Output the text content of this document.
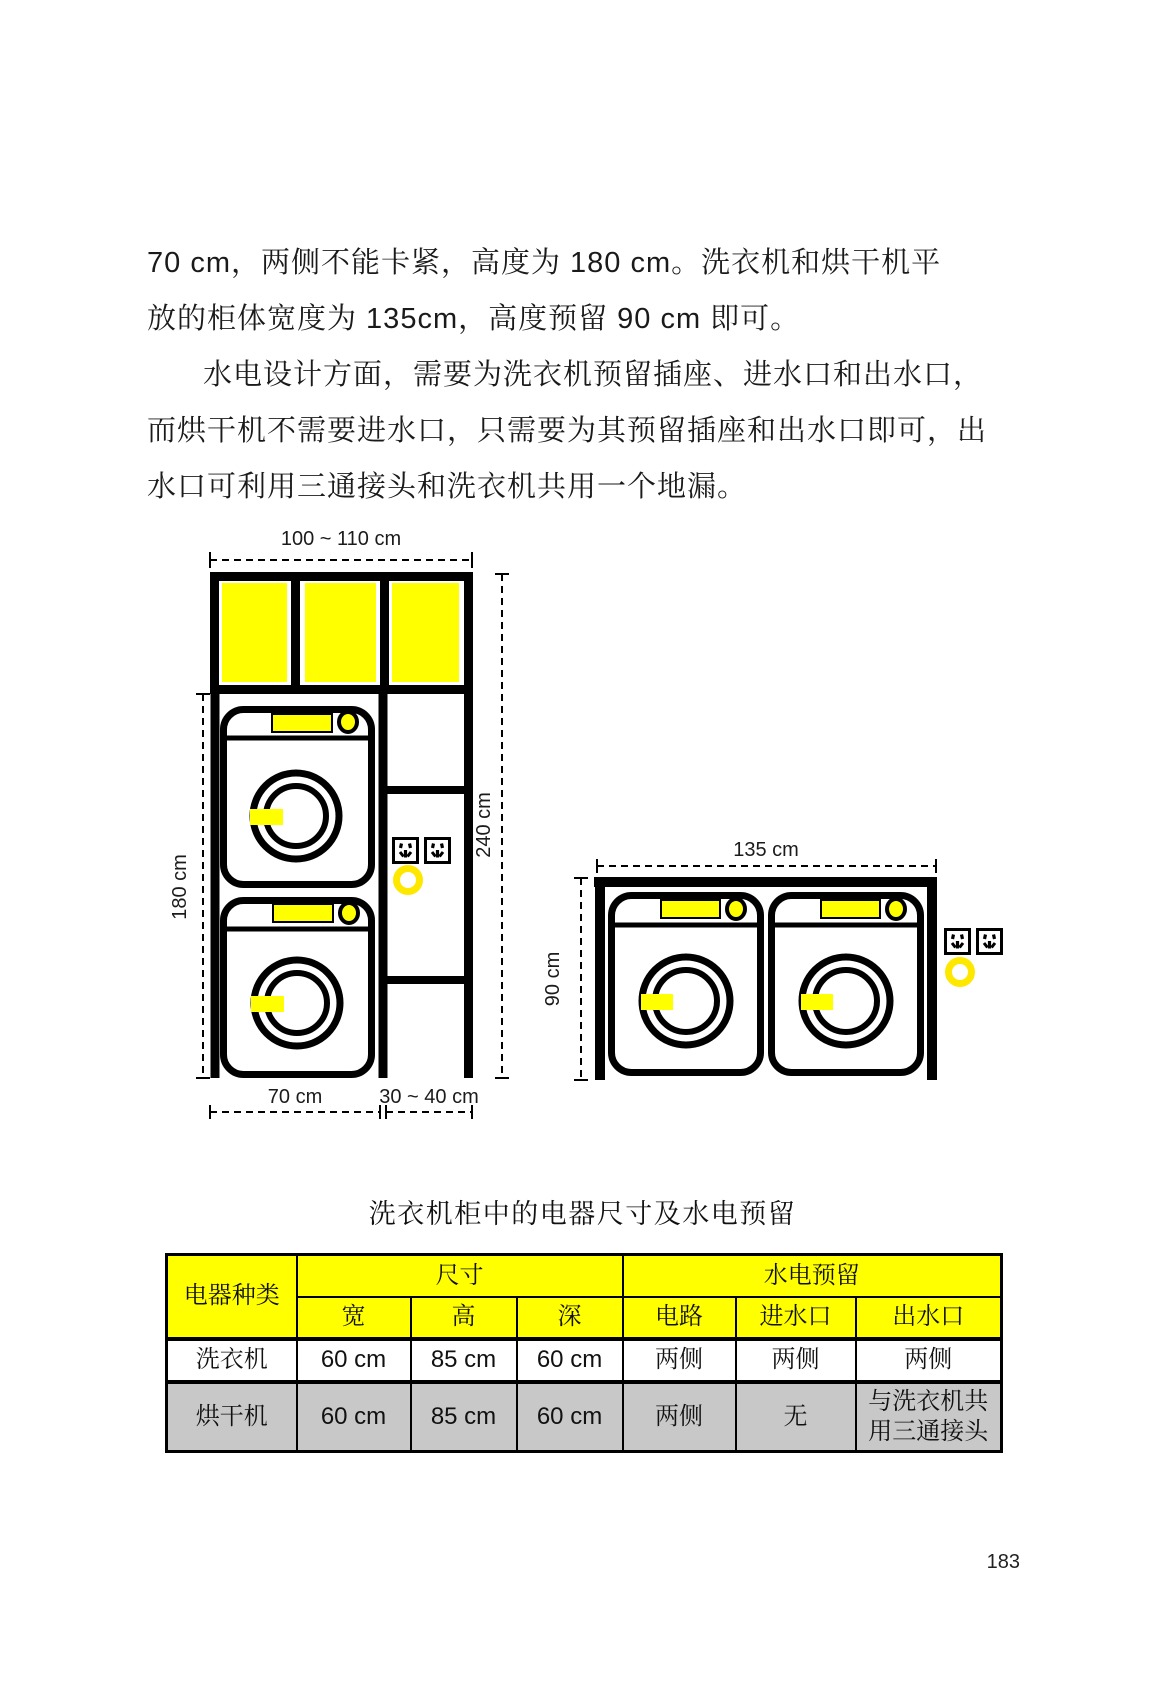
70 cm，两侧不能卡紧，高度为 180 cm。洗衣机和烘干机平
放的柜体宽度为 135cm，高度预留 90 cm 即可。
水电设计方面，需要为洗衣机预留插座、进水口和出水口，
而烘干机不需要进水口，只需要为其预留插座和出水口即可，出
水口可利用三通接头和洗衣机共用一个地漏。
100 ~ 110 cm
180 cm
240 cm
70 cm	30 ~ 40 cm
135 cm
90 cm
洗衣机柜中的电器尺寸及水电预留
电器种类	尺寸			水电预留		
	宽	高	深	电路	进水口	出水口
洗衣机	60 cm	85 cm	60 cm	两侧	两侧	两侧
烘干机	60 cm	85 cm	60 cm	两侧	无	与洗衣机共用三通接头
183
